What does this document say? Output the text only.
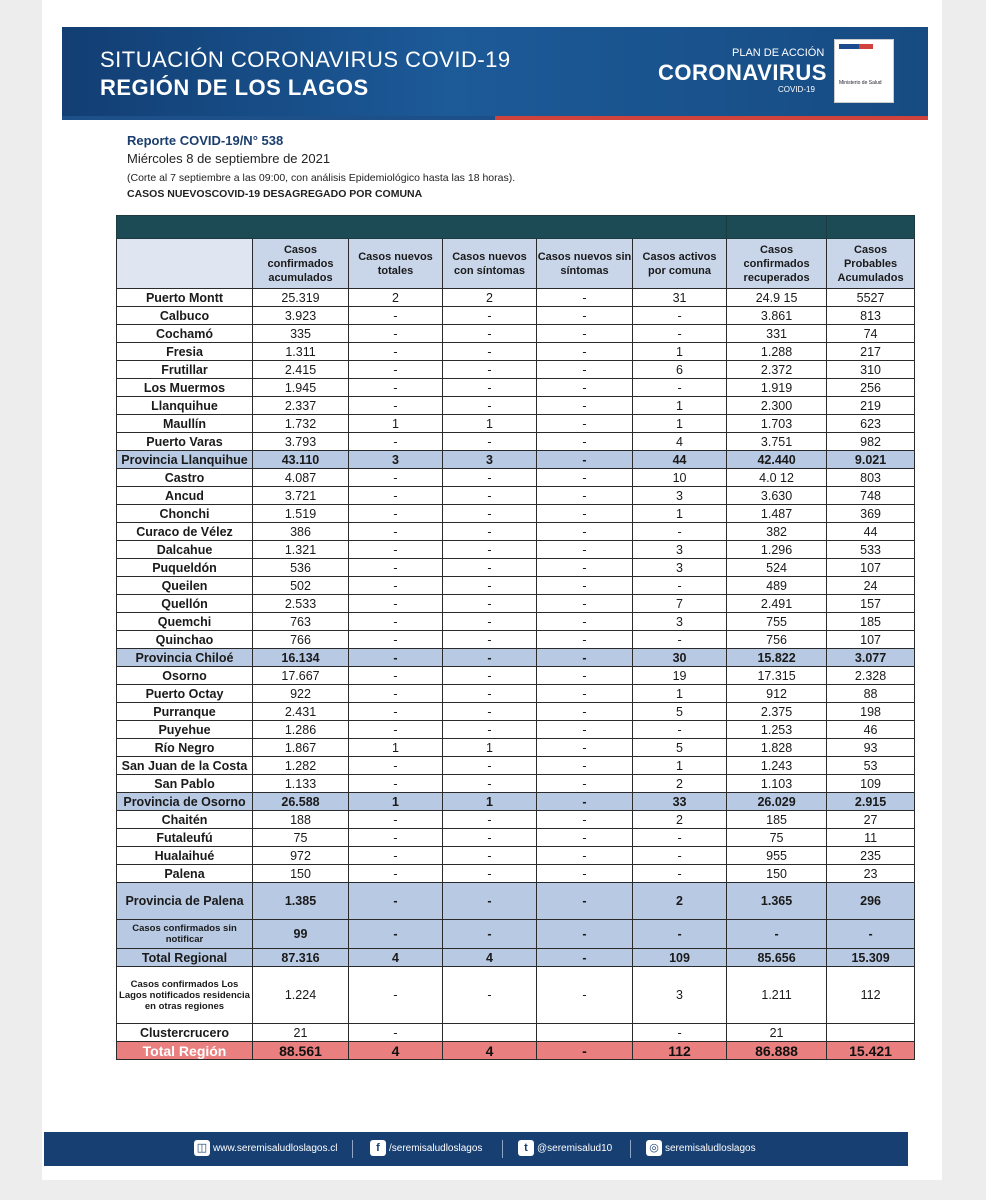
SITUACIÓN CORONAVIRUS COVID-19
REGIÓN DE LOS LAGOS
PLAN DE ACCIÓN
CORONAVIRUS
COVID-19
Ministerio de Salud
Reporte COVID-19/N° 538
Miércoles 8 de septiembre de 2021
(Corte al 7 septiembre a las 09:00, con análisis Epidemiológico hasta las 18 horas).
CASOS NUEVOSCOVID-19 DESAGREGADO POR COMUNA

	Casos confirmados acumulados	Casos nuevos totales	Casos nuevos con síntomas	Casos nuevos sin síntomas	Casos activos por comuna	Casos confirmados recuperados	Casos Probables Acumulados
Puerto Montt	25.319	2	2	-	31	24.9 15	5527
Calbuco	3.923	-	-	-	-	3.861	813
Cochamó	335	-	-	-	-	331	74
Fresia	1.311	-	-	-	1	1.288	217
Frutillar	2.415	-	-	-	6	2.372	310
Los Muermos	1.945	-	-	-	-	1.919	256
Llanquihue	2.337	-	-	-	1	2.300	219
Maullín	1.732	1	1	-	1	1.703	623
Puerto Varas	3.793	-	-	-	4	3.751	982
Provincia Llanquihue	43.110	3	3	-	44	42.440	9.021
Castro	4.087	-	-	-	10	4.0 12	803
Ancud	3.721	-	-	-	3	3.630	748
Chonchi	1.519	-	-	-	1	1.487	369
Curaco de Vélez	386	-	-	-	-	382	44
Dalcahue	1.321	-	-	-	3	1.296	533
Puqueldón	536	-	-	-	3	524	107
Queilen	502	-	-	-	-	489	24
Quellón	2.533	-	-	-	7	2.491	157
Quemchi	763	-	-	-	3	755	185
Quinchao	766	-	-	-	-	756	107
Provincia Chiloé	16.134	-	-	-	30	15.822	3.077
Osorno	17.667	-	-	-	19	17.315	2.328
Puerto Octay	922	-	-	-	1	912	88
Purranque	2.431	-	-	-	5	2.375	198
Puyehue	1.286	-	-	-	-	1.253	46
Río Negro	1.867	1	1	-	5	1.828	93
San Juan de la Costa	1.282	-	-	-	1	1.243	53
San Pablo	1.133	-	-	-	2	1.103	109
Provincia de Osorno	26.588	1	1	-	33	26.029	2.915
Chaitén	188	-	-	-	2	185	27
Futaleufú	75	-	-	-	-	75	11
Hualaihué	972	-	-	-	-	955	235
Palena	150	-	-	-	-	150	23
Provincia de Palena	1.385	-	-	-	2	1.365	296
Casos confirmados sin notificar	99	-	-	-	-	-	-
Total Regional	87.316	4	4	-	109	85.656	15.309
Casos confirmados Los Lagos notificados residencia en otras regiones	1.224	-	-	-	3	1.211	112
Clustercrucero	21	-			-	21	
Total Región	88.561	4	4	-	112	86.888	15.421
◫ www.seremisaludloslagos.cl	f /seremisaludloslagos	t @seremisalud10	◎ seremisaludloslagos
